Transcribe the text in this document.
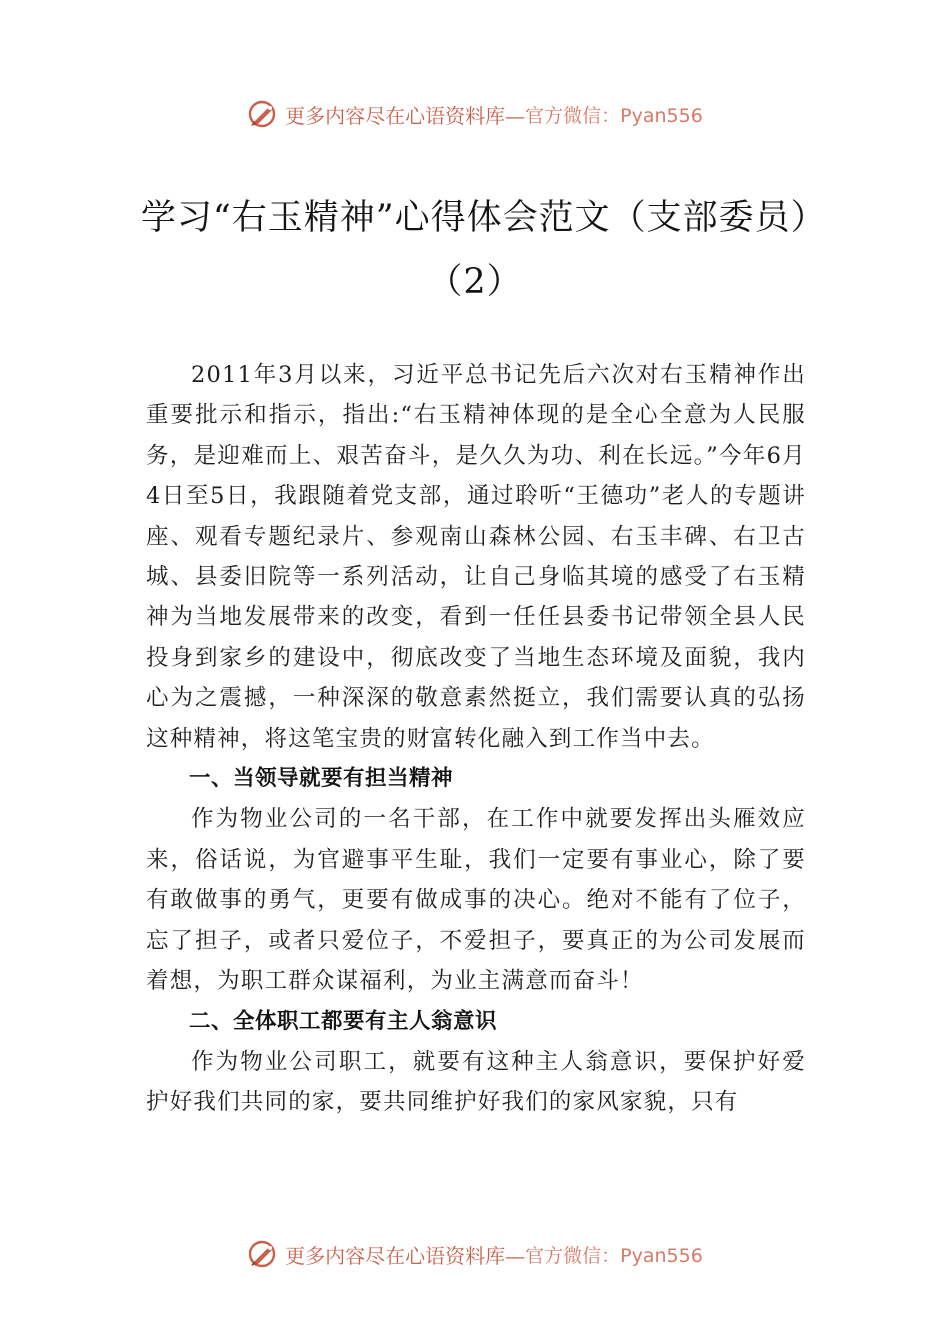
更多内容尽在心语资料库— 官方微信：Pyan556
学习“右玉精神”心得体会范文（支部委员）（2）

2011年3月以来，习近平总书记先后六次对右玉精神作出重要批示和指示，指出:“右玉精神体现的是全心全意为人民服务，是迎难而上、艰苦奋斗，是久久为功、利在长远。”今年6月4日至5日，我跟随着党支部，通过聆听“王德功”老人的专题讲座、观看专题纪录片、参观南山森林公园、右玉丰碑、右卫古城、县委旧院等一系列活动，让自己身临其境的感受了右玉精神为当地发展带来的改变，看到一任任县委书记带领全县人民投身到家乡的建设中，彻底改变了当地生态环境及面貌，我内心为之震撼，一种深深的敬意素然挺立，我们需要认真的弘扬这种精神，将这笔宝贵的财富转化融入到工作当中去。

一、当领导就要有担当精神

作为物业公司的一名干部，在工作中就要发挥出头雁效应来，俗话说，为官避事平生耻，我们一定要有事业心，除了要有敢做事的勇气，更要有做成事的决心。绝对不能有了位子，忘了担子，或者只爱位子，不爱担子，要真正的为公司发展而着想，为职工群众谋福利，为业主满意而奋斗！

二、全体职工都要有主人翁意识

作为物业公司职工，就要有这种主人翁意识，要保护好爱护好我们共同的家，要共同维护好我们的家风家貌，只有

更多内容尽在心语资料库— 官方微信：Pyan556
